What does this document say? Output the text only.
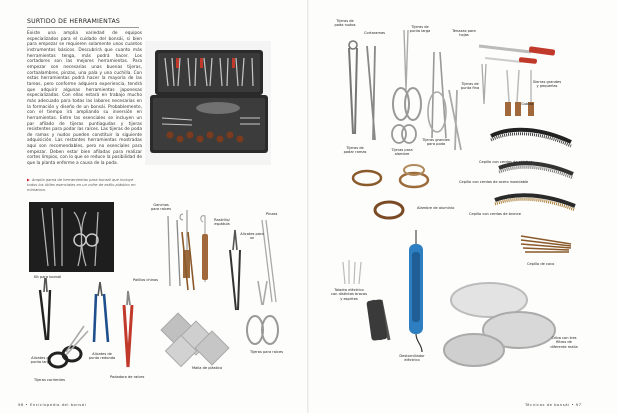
SURTIDO DE HERRAMIENTAS
Existe una amplia variedad de equipos especializados para el cuidado del bonsái, si bien para empezar se requieren solamente unos cuantos instrumentos básicos. Descubrirá que cuanto más herramientas tenga, más podrá hacer. Los cortadores son las mejores herramientas. Para empezar son necesarias unas buenas tijeras, cortaalambres, pinzas, una pala y una cuchilla. Con estas herramientas podrá hacer la mayoría de las tareas, pero conforme adquiera experiencia, tendrá que adquirir algunas herramientas japonesas especializadas. Con ellas estará en trabajo mucho más adecuado para todas las labores necesarias en la formación y diseño de un bonsái. Probablemente, con el tiempo irá ampliando su inversión en herramientas. Entre las esenciales se incluyen un par afilado de tijeras puntiagudas y tijeras resistentes para podar las raíces. Las tijeras de poda de ramas y nudos pueden constituir la siguiente adquisición. Las restantes herramientas mostradas aquí son recomendables, pero no esenciales para empezar. Deben estar bien afiladas para realizar cortes limpios, con lo que se reduce la posibilidad de que la planta enferme a causa de la poda.
▶ Amplia gama de herramientas para bonsái que incluye todos los útiles esenciales en un cofre de estilo plástico en miniatura.
Kit para bonsái
Ganchos para raíces
Rastrillo/ espátula
Alicates para un
Pinzas
Palillos chinos
Alicates de punta larga
Alicates de punta redonda
Tijeras corrientes
Podadora de raíces
Malla de plástico
Tijeras para raíces
96 • Enciclopedia del bonsái
Tijeras de poda nudos
Cortaramas
Tijeras de punta larga	Tenazas para hojas
Sierras grandes y pequeñas
Tijeras de punta fina
Gubias
Tijeras de podar ramas
Tijeras para alambre
Tijeras grandes para poda
Cepillo con cerdas de plástico
Cepillo con cerdas de acero inoxidable
Cepillo con cerdas de bronce
Alambre de aluminio
Cepillo de coco
Taladro eléctrico con distintas brocas y esprites
Destornillador eléctrico
Criba con tres filtros de diferente malla
Técnicas de bonsái • 97
